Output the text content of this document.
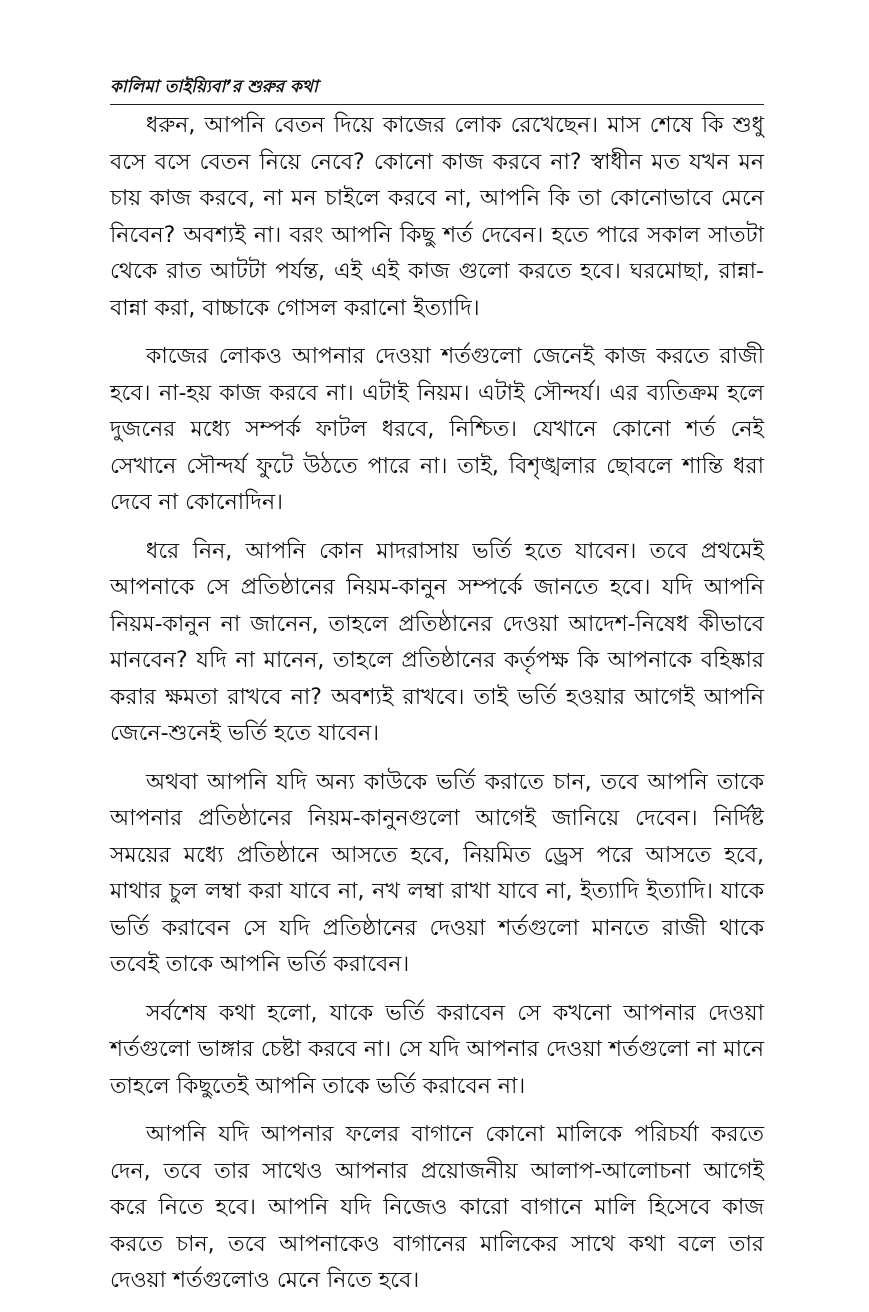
কালিমা তাইয়্যিবা’র শুরুর কথা

ধরুন, আপনি বেতন দিয়ে কাজের লোক রেখেছেন। মাস শেষে কি শুধু বসে বসে বেতন নিয়ে নেবে? কোনো কাজ করবে না? স্বাধীন মত যখন মন চায় কাজ করবে, না মন চাইলে করবে না, আপনি কি তা কোনোভাবে মেনে নিবেন? অবশ্যই না। বরং আপনি কিছু শর্ত দেবেন। হতে পারে সকাল সাতটা থেকে রাত আটটা পর্যন্ত, এই এই কাজ গুলো করতে হবে। ঘরমোছা, রান্না-বান্না করা, বাচ্চাকে গোসল করানো ইত্যাদি।

কাজের লোকও আপনার দেওয়া শর্তগুলো জেনেই কাজ করতে রাজী হবে। না-হয় কাজ করবে না। এটাই নিয়ম। এটাই সৌন্দর্য। এর ব্যতিক্রম হলে দুজনের মধ্যে সম্পর্ক ফাটল ধরবে, নিশ্চিত। যেখানে কোনো শর্ত নেই সেখানে সৌন্দর্য ফুটে উঠতে পারে না। তাই, বিশৃঙ্খলার ছোবলে শান্তি ধরা দেবে না কোনোদিন।

ধরে নিন, আপনি কোন মাদরাসায় ভর্তি হতে যাবেন। তবে প্রথমেই আপনাকে সে প্রতিষ্ঠানের নিয়ম-কানুন সম্পর্কে জানতে হবে। যদি আপনি নিয়ম-কানুন না জানেন, তাহলে প্রতিষ্ঠানের দেওয়া আদেশ-নিষেধ কীভাবে মানবেন? যদি না মানেন, তাহলে প্রতিষ্ঠানের কর্তৃপক্ষ কি আপনাকে বহিষ্কার করার ক্ষমতা রাখবে না? অবশ্যই রাখবে। তাই ভর্তি হওয়ার আগেই আপনি জেনে-শুনেই ভর্তি হতে যাবেন।

অথবা আপনি যদি অন্য কাউকে ভর্তি করাতে চান, তবে আপনি তাকে আপনার প্রতিষ্ঠানের নিয়ম-কানুনগুলো আগেই জানিয়ে দেবেন। নির্দিষ্ট সময়ের মধ্যে প্রতিষ্ঠানে আসতে হবে, নিয়মিত ড্রেস পরে আসতে হবে, মাথার চুল লম্বা করা যাবে না, নখ লম্বা রাখা যাবে না, ইত্যাদি ইত্যাদি। যাকে ভর্তি করাবেন সে যদি প্রতিষ্ঠানের দেওয়া শর্তগুলো মানতে রাজী থাকে তবেই তাকে আপনি ভর্তি করাবেন।

সর্বশেষ কথা হলো, যাকে ভর্তি করাবেন সে কখনো আপনার দেওয়া শর্তগুলো ভাঙ্গার চেষ্টা করবে না। সে যদি আপনার দেওয়া শর্তগুলো না মানে তাহলে কিছুতেই আপনি তাকে ভর্তি করাবেন না।

আপনি যদি আপনার ফলের বাগানে কোনো মালিকে পরিচর্যা করতে দেন, তবে তার সাথেও আপনার প্রয়োজনীয় আলাপ-আলোচনা আগেই করে নিতে হবে। আপনি যদি নিজেও কারো বাগানে মালি হিসেবে কাজ করতে চান, তবে আপনাকেও বাগানের মালিকের সাথে কথা বলে তার দেওয়া শর্তগুলোও মেনে নিতে হবে।
